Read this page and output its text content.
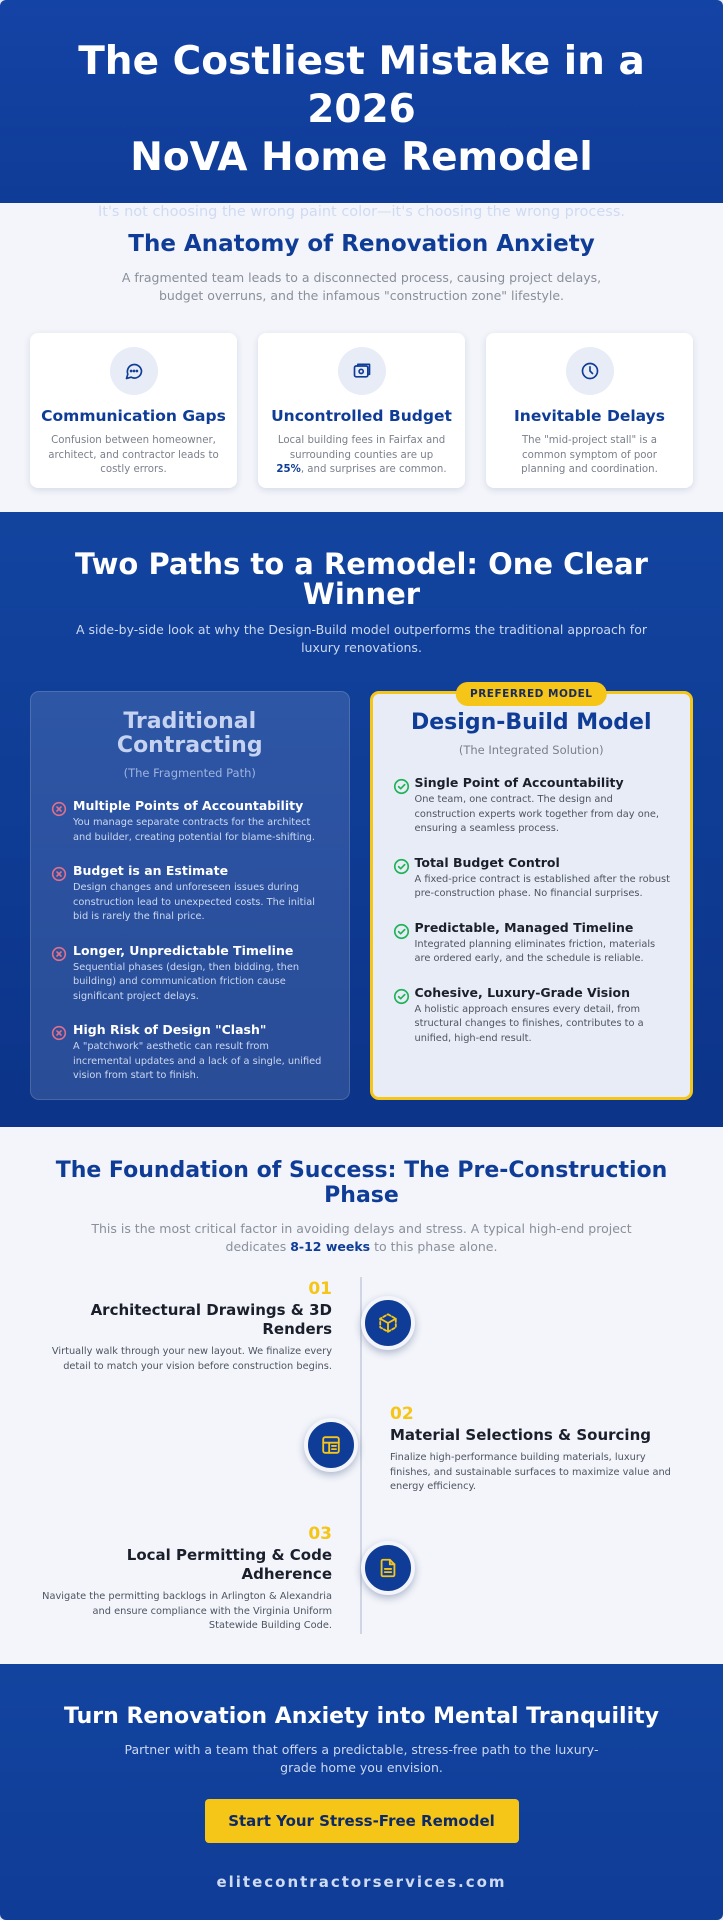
The Costliest Mistake in a 2026
NoVA Home Remodel

It's not choosing the wrong paint color—it's choosing the wrong process.

The Anatomy of Renovation Anxiety

A fragmented team leads to a disconnected process, causing project delays, budget overruns, and the infamous "construction zone" lifestyle.

Communication Gaps

Confusion between homeowner, architect, and contractor leads to costly errors.

Uncontrolled Budget

Local building fees in Fairfax and surrounding counties are up 25%, and surprises are common.

Inevitable Delays

The "mid-project stall" is a common symptom of poor planning and coordination.

Two Paths to a Remodel: One Clear Winner

A side-by-side look at why the Design-Build model outperforms the traditional approach for luxury renovations.

Traditional Contracting
(The Fragmented Path)
Multiple Points of Accountability

You manage separate contracts for the architect and builder, creating potential for blame-shifting.

Budget is an Estimate

Design changes and unforeseen issues during construction lead to unexpected costs. The initial bid is rarely the final price.

Longer, Unpredictable Timeline

Sequential phases (design, then bidding, then building) and communication friction cause significant project delays.

High Risk of Design "Clash"

A "patchwork" aesthetic can result from incremental updates and a lack of a single, unified vision from start to finish.

PREFERRED MODEL
Design-Build Model
(The Integrated Solution)
Single Point of Accountability

One team, one contract. The design and construction experts work together from day one, ensuring a seamless process.

Total Budget Control

A fixed-price contract is established after the robust pre-construction phase. No financial surprises.

Predictable, Managed Timeline

Integrated planning eliminates friction, materials are ordered early, and the schedule is reliable.

Cohesive, Luxury-Grade Vision

A holistic approach ensures every detail, from structural changes to finishes, contributes to a unified, high-end result.

The Foundation of Success: The Pre-Construction Phase

This is the most critical factor in avoiding delays and stress. A typical high-end project dedicates 8-12 weeks to this phase alone.

01
Architectural Drawings & 3D Renders

Virtually walk through your new layout. We finalize every detail to match your vision before construction begins.

02
Material Selections & Sourcing

Finalize high-performance building materials, luxury finishes, and sustainable surfaces to maximize value and energy efficiency.

03
Local Permitting & Code Adherence

Navigate the permitting backlogs in Arlington & Alexandria and ensure compliance with the Virginia Uniform Statewide Building Code.

Turn Renovation Anxiety into Mental Tranquility

Partner with a team that offers a predictable, stress-free path to the luxury-grade home you envision.

Start Your Stress-Free Remodel
elitecontractorservices.com
